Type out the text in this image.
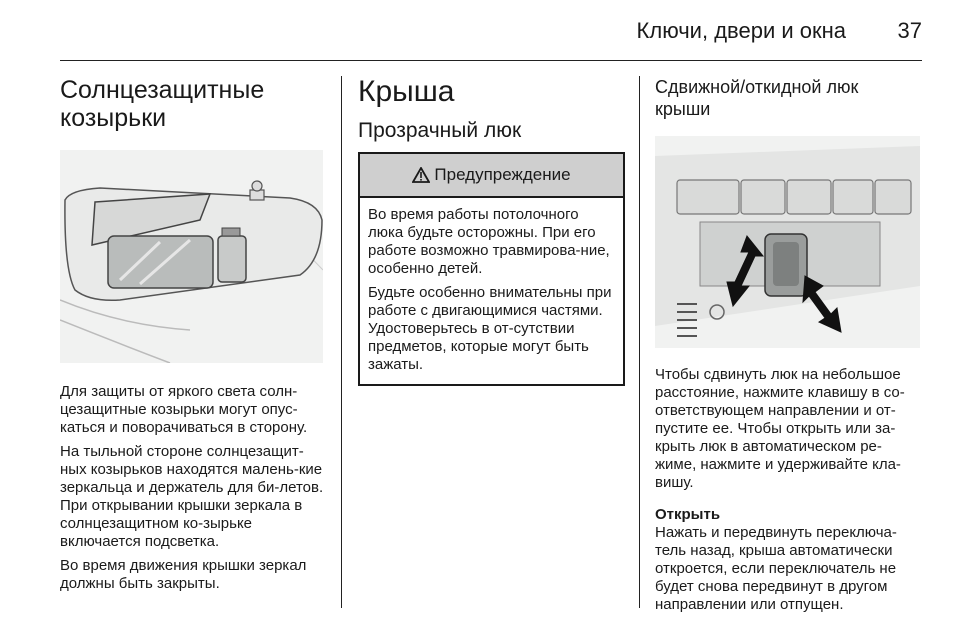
Ключи, двери и окна 37
Солнцезащитные
козырьки

Для защиты от яркого света солн-цезащитные козырьки могут опус-каться и поворачиваться в сторону.

На тыльной стороне солнцезащит-ных козырьков находятся малень-кие зеркальца и держатель для би-летов. При открывании крышки зеркала в солнцезащитном ко-зырьке включается подсветка.

Во время движения крышки зеркал должны быть закрыты.

Крыша
Прозрачный люк
Предупреждение

Во время работы потолочного люка будьте осторожны. При его работе возможно травмирова-ние, особенно детей.

Будьте особенно внимательны при работе с двигающимися частями. Удостоверьтесь в от-сутствии предметов, которые могут быть зажаты.

Сдвижной/откидной люк
крыши

Чтобы сдвинуть люк на небольшое расстояние, нажмите клавишу в со-ответствующем направлении и от-пустите ее. Чтобы открыть или за-крыть люк в автоматическом ре-жиме, нажмите и удерживайте кла-вишу.

Открыть

Нажать и передвинуть переключа-тель назад, крыша автоматически откроется, если переключатель не будет снова передвинут в другом направлении или отпущен.
